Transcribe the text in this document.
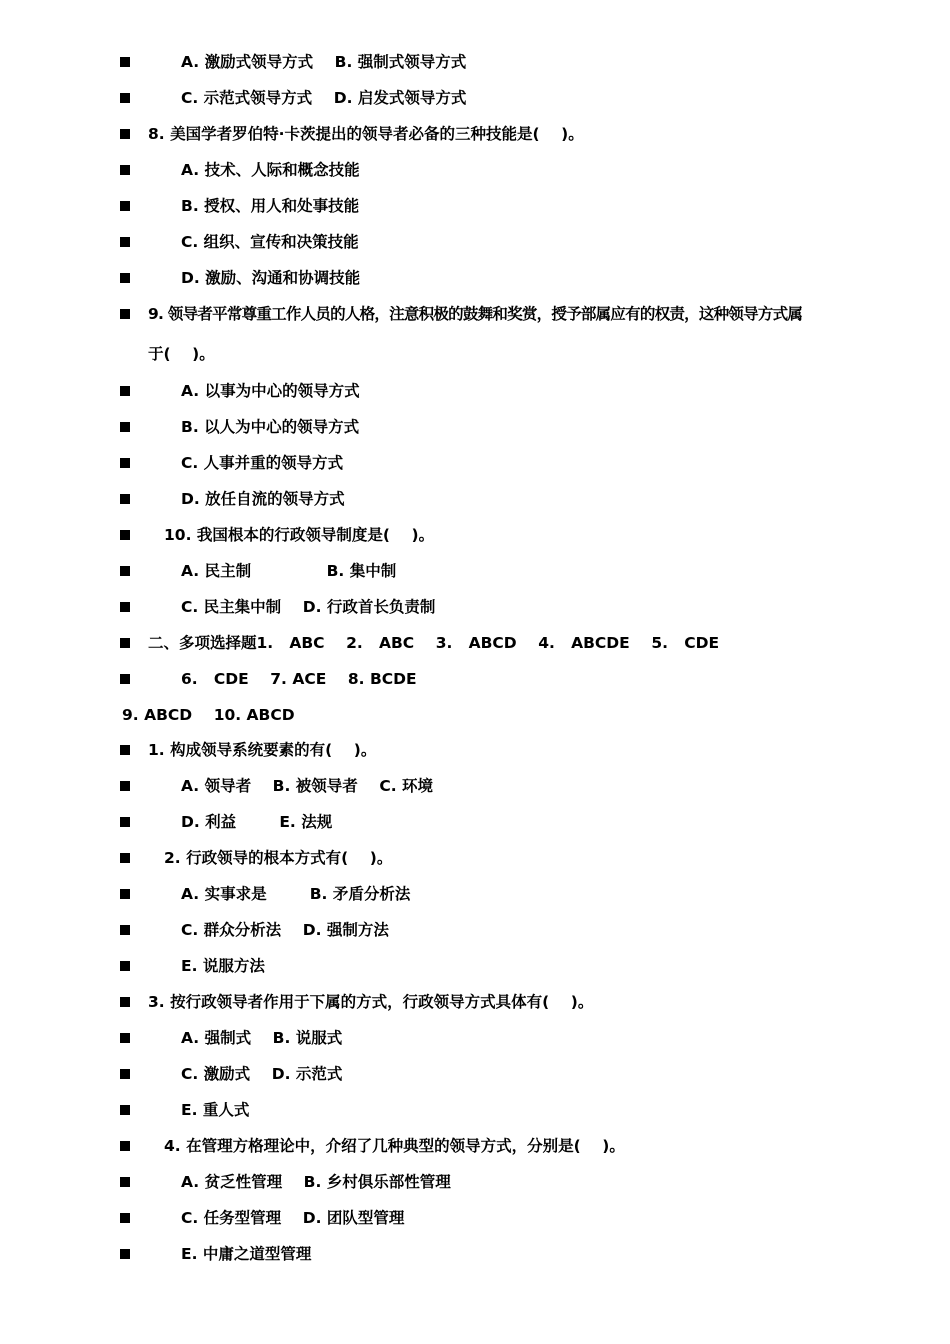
A. 激励式领导方式    B. 强制式领导方式

C. 示范式领导方式    D. 启发式领导方式

8. 美国学者罗伯特·卡茨提出的领导者必备的三种技能是(    )。

A. 技术、人际和概念技能

B. 授权、用人和处事技能

C. 组织、宣传和决策技能

D. 激励、沟通和协调技能

9. 领导者平常尊重工作人员的人格，注意积极的鼓舞和奖赏，授予部属应有的权责，这种领导方式属

于(    )。

A. 以事为中心的领导方式

B. 以人为中心的领导方式

C. 人事并重的领导方式

D. 放任自流的领导方式

10. 我国根本的行政领导制度是(    )。

A. 民主制              B. 集中制

C. 民主集中制    D. 行政首长负责制

二、多项选择题1.   ABC    2.   ABC    3.   ABCD    4.   ABCDE    5.   CDE

6.   CDE    7. ACE    8. BCDE

9. ABCD    10. ABCD

1. 构成领导系统要素的有(    )。

A. 领导者    B. 被领导者    C. 环境

D. 利益        E. 法规

2. 行政领导的根本方式有(    )。

A. 实事求是        B. 矛盾分析法

C. 群众分析法    D. 强制方法

E. 说服方法

3. 按行政领导者作用于下属的方式，行政领导方式具体有(    )。

A. 强制式    B. 说服式

C. 激励式    D. 示范式

E. 重人式

4. 在管理方格理论中，介绍了几种典型的领导方式，分别是(    )。

A. 贫乏性管理    B. 乡村俱乐部性管理

C. 任务型管理    D. 团队型管理

E. 中庸之道型管理
